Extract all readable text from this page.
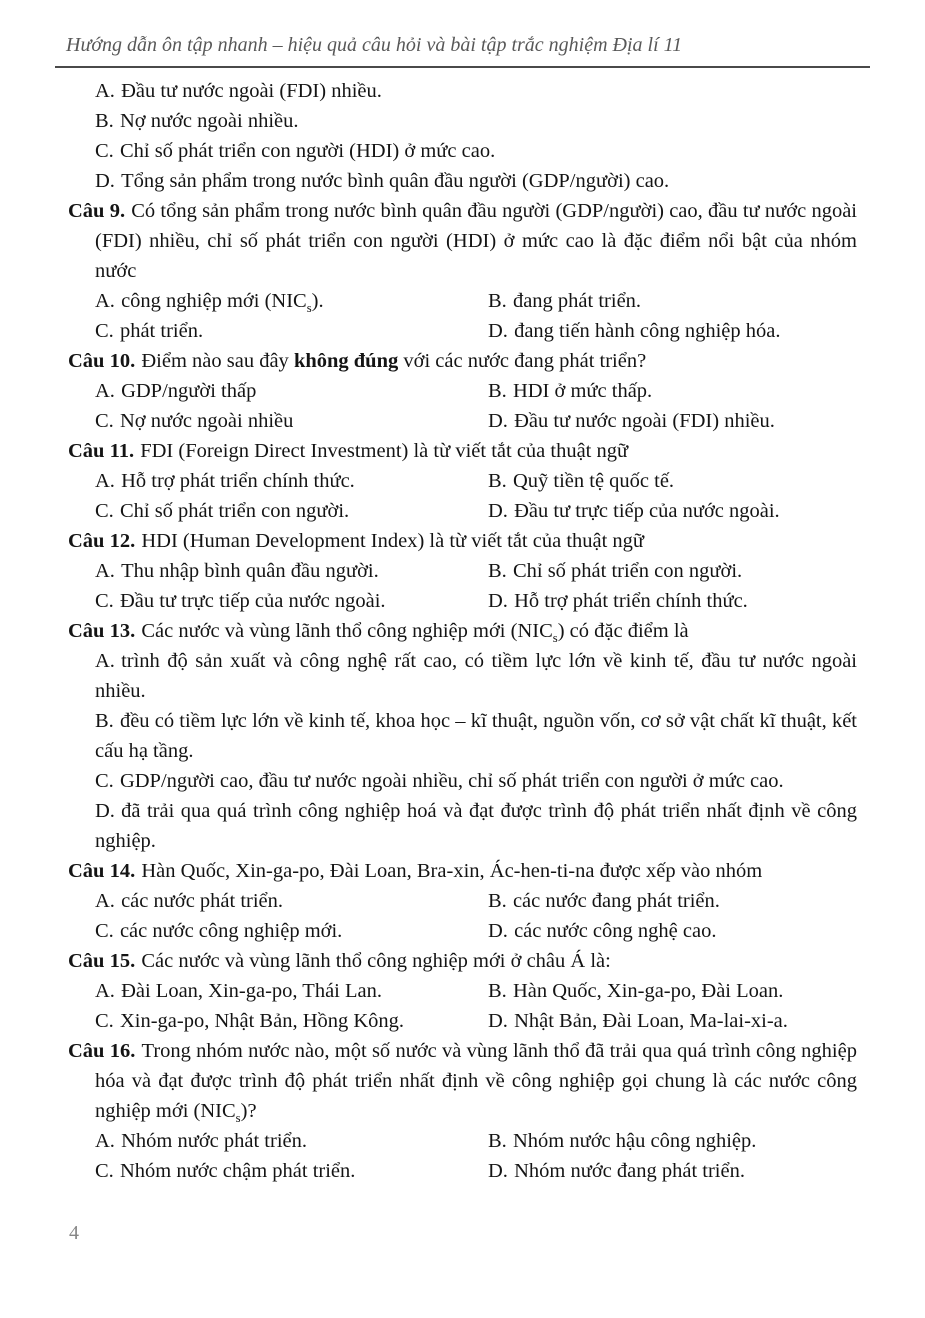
Hướng dẫn ôn tập nhanh – hiệu quả câu hỏi và bài tập trắc nghiệm Địa lí 11
A. Đầu tư nước ngoài (FDI) nhiều.
B. Nợ nước ngoài nhiều.
C. Chỉ số phát triển con người (HDI) ở mức cao.
D. Tổng sản phẩm trong nước bình quân đầu người (GDP/người) cao.
Câu 9. Có tổng sản phẩm trong nước bình quân đầu người (GDP/người) cao, đầu tư nước ngoài (FDI) nhiều, chỉ số phát triển con người (HDI) ở mức cao là đặc điểm nổi bật của nhóm nước
A. công nghiệp mới $(NIC_s)$.	B. đang phát triển.
C. phát triển.	D. đang tiến hành công nghiệp hóa.
Câu 10. Điểm nào sau đây không đúng với các nước đang phát triển?
A. GDP/người thấp	B. HDI ở mức thấp.
C. Nợ nước ngoài nhiều	D. Đầu tư nước ngoài (FDI) nhiều.
Câu 11. FDI (Foreign Direct Investment) là từ viết tắt của thuật ngữ
A. Hỗ trợ phát triển chính thức.	B. Quỹ tiền tệ quốc tế.
C. Chỉ số phát triển con người.	D. Đầu tư trực tiếp của nước ngoài.
Câu 12. HDI (Human Development Index) là từ viết tắt của thuật ngữ
A. Thu nhập bình quân đầu người.	B. Chỉ số phát triển con người.
C. Đầu tư trực tiếp của nước ngoài.	D. Hỗ trợ phát triển chính thức.
Câu 13. Các nước và vùng lãnh thổ công nghiệp mới $(NIC_s)$ có đặc điểm là
A. trình độ sản xuất và công nghệ rất cao, có tiềm lực lớn về kinh tế, đầu tư nước ngoài nhiều.
B. đều có tiềm lực lớn về kinh tế, khoa học – kĩ thuật, nguồn vốn, cơ sở vật chất kĩ thuật, kết cấu hạ tầng.
C. GDP/người cao, đầu tư nước ngoài nhiều, chỉ số phát triển con người ở mức cao.
D. đã trải qua quá trình công nghiệp hoá và đạt được trình độ phát triển nhất định về công nghiệp.
Câu 14. Hàn Quốc, Xin-ga-po, Đài Loan, Bra-xin, Ác-hen-ti-na được xếp vào nhóm
A. các nước phát triển.	B. các nước đang phát triển.
C. các nước công nghiệp mới.	D. các nước công nghệ cao.
Câu 15. Các nước và vùng lãnh thổ công nghiệp mới ở châu Á là:
A. Đài Loan, Xin-ga-po, Thái Lan.	B. Hàn Quốc, Xin-ga-po, Đài Loan.
C. Xin-ga-po, Nhật Bản, Hồng Kông.	D. Nhật Bản, Đài Loan, Ma-lai-xi-a.
Câu 16. Trong nhóm nước nào, một số nước và vùng lãnh thổ đã trải qua quá trình công nghiệp hóa và đạt được trình độ phát triển nhất định về công nghiệp gọi chung là các nước công nghiệp mới $(NIC_s)$?
A. Nhóm nước phát triển.	B. Nhóm nước hậu công nghiệp.
C. Nhóm nước chậm phát triển.	D. Nhóm nước đang phát triển.
4
